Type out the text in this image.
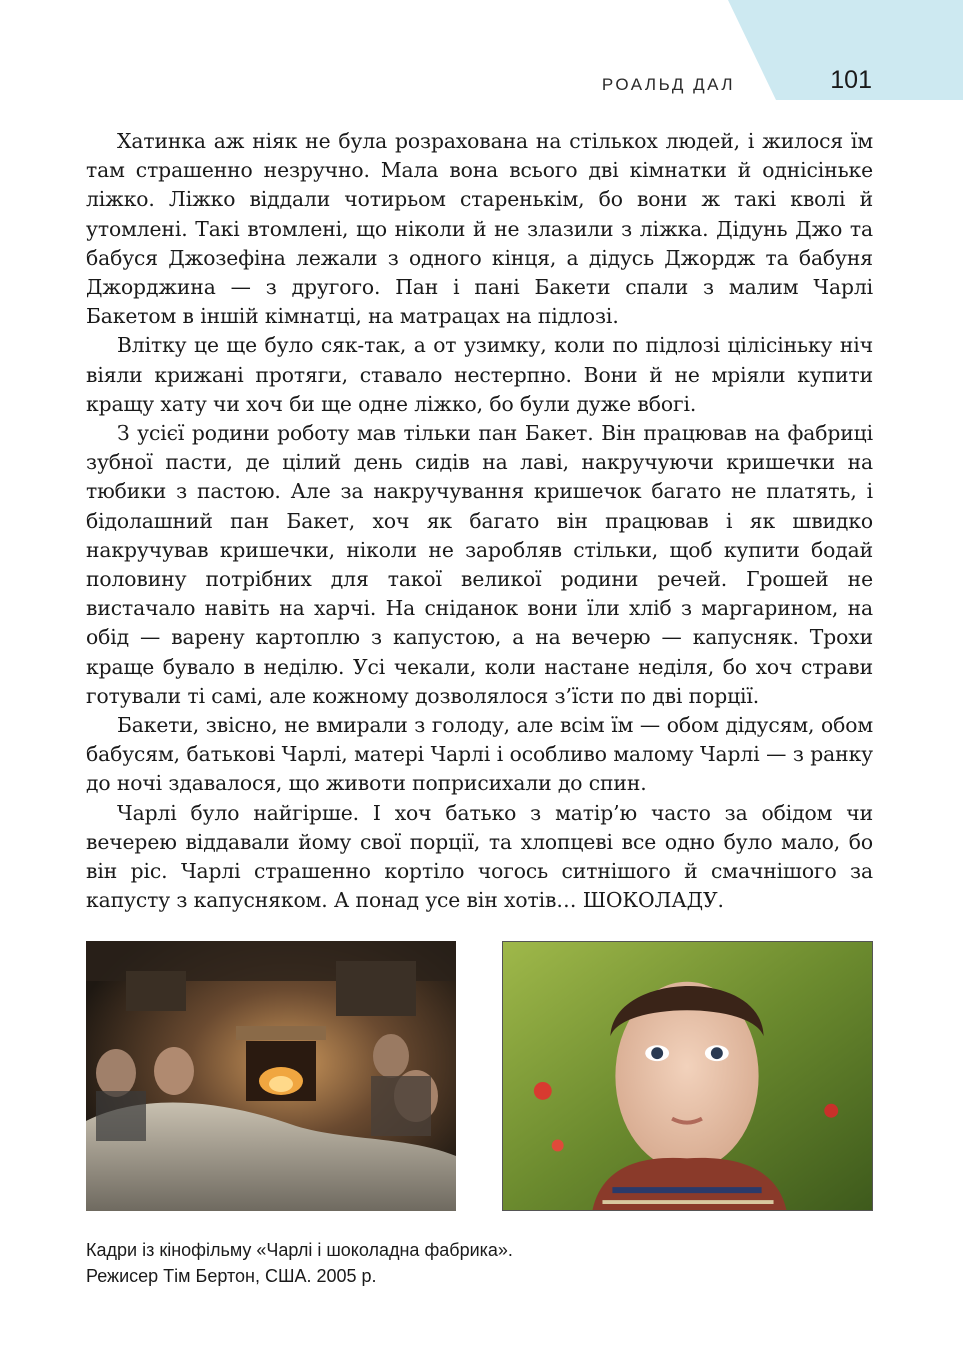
РОАЛЬД ДАЛ	101

Хатинка аж ніяк не була розрахована на стількох людей, і жилося їм там страшенно незручно. Мала вона всього дві кімнатки й однісіньке ліжко. Ліжко віддали чотирьом старенькім, бо вони ж такі кволі й утомлені. Такі втомлені, що ніколи й не злазили з ліжка. Дідунь Джо та бабуся Джозефіна лежали з одного кінця, а дідусь Джордж та бабуня Джорджина — з другого. Пан і пані Бакети спали з малим Чарлі Бакетом в іншій кімнатці, на матрацах на підлозі.

Влітку це ще було сяк-так, а от узимку, коли по підлозі цілісіньку ніч віяли крижані протяги, ставало нестерпно. Вони й не мріяли купити кращу хату чи хоч би ще одне ліжко, бо були дуже вбогі.

З усієї родини роботу мав тільки пан Бакет. Він працював на фабриці зубної пасти, де цілий день сидів на лаві, накручуючи кришечки на тюбики з пастою. Але за накручування кришечок багато не платять, і бідолашний пан Бакет, хоч як багато він працював і як швидко накручував кришечки, ніколи не заробляв стільки, щоб купити бодай половину потрібних для такої великої родини речей. Грошей не вистачало навіть на харчі. На сніданок вони їли хліб з маргарином, на обід — варену картоплю з капустою, а на вечерю — капусняк. Трохи краще бувало в неділю. Усі чекали, коли настане неділя, бо хоч страви готували ті самі, але кожному дозволялося з’їсти по дві порції.

Бакети, звісно, не вмирали з голоду, але всім їм — обом дідусям, обом бабусям, батькові Чарлі, матері Чарлі і особливо малому Чарлі — з ранку до ночі здавалося, що животи поприсихали до спин.

Чарлі було найгірше. І хоч батько з матір’ю часто за обідом чи вечерею віддавали йому свої порції, та хлопцеві все одно було мало, бо він ріс. Чарлі страшенно кортіло чогось ситнішого й смачнішого за капусту з капусняком. А понад усе він хотів… ШОКОЛАДУ.

Кадри із кінофільму «Чарлі і шоколадна фабрика».
Режисер Тім Бертон, США. 2005 р.
